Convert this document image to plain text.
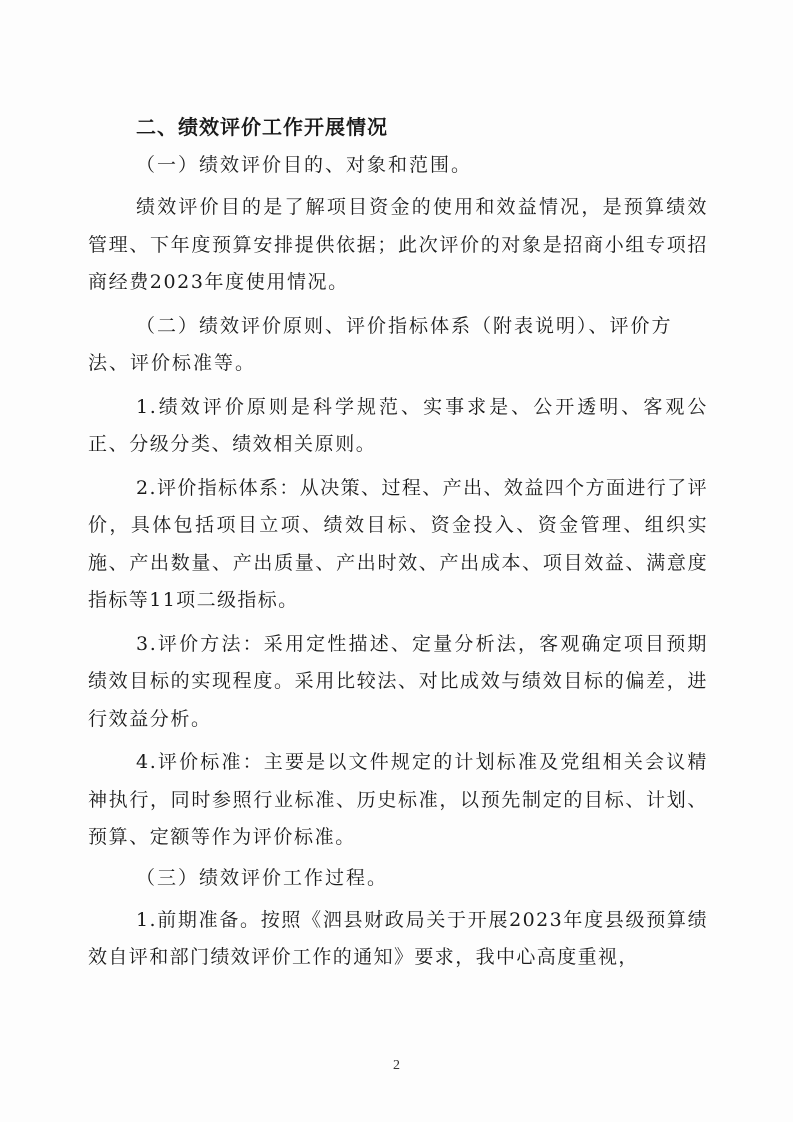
二、绩效评价工作开展情况

（一）绩效评价目的、对象和范围。

绩效评价目的是了解项目资金的使用和效益情况，是预算绩效管理、下年度预算安排提供依据；此次评价的对象是招商小组专项招商经费2023年度使用情况。

（二）绩效评价原则、评价指标体系（附表说明）、评价方法、评价标准等。

1.绩效评价原则是科学规范、实事求是、公开透明、客观公正、分级分类、绩效相关原则。

2.评价指标体系：从决策、过程、产出、效益四个方面进行了评价，具体包括项目立项、绩效目标、资金投入、资金管理、组织实施、产出数量、产出质量、产出时效、产出成本、项目效益、满意度指标等11项二级指标。

3.评价方法：采用定性描述、定量分析法，客观确定项目预期绩效目标的实现程度。采用比较法、对比成效与绩效目标的偏差，进行效益分析。

4.评价标准：主要是以文件规定的计划标准及党组相关会议精神执行，同时参照行业标准、历史标准，以预先制定的目标、计划、预算、定额等作为评价标准。

（三）绩效评价工作过程。

1.前期准备。按照《泗县财政局关于开展2023年度县级预算绩效自评和部门绩效评价工作的通知》要求，我中心高度重视，

2
